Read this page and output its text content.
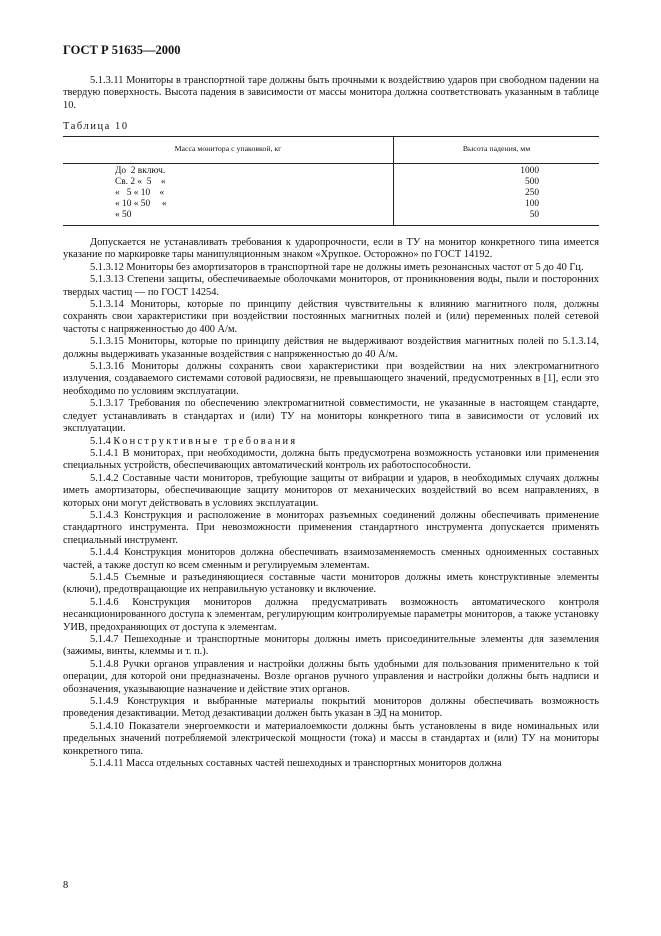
ГОСТ Р 51635—2000

5.1.3.11 Мониторы в транспортной таре должны быть прочными к воздействию ударов при свободном падении на твердую поверхность. Высота падения в зависимости от массы монитора должна соответствовать указанным в таблице 10.

Таблица 10
Масса монитора с упаковкой, кг	Высота падения, мм
До  2 включ.
Св. 2 «  5    «
«   5 « 10    «
« 10 « 50     «
« 50
1000
500
250
100
50

Допускается не устанавливать требования к ударопрочности, если в ТУ на монитор конкретного типа имеется указание по маркировке тары манипуляционным знаком «Хрупкое. Осторожно» по ГОСТ 14192.

5.1.3.12 Мониторы без амортизаторов в транспортной таре не должны иметь резонансных частот от 5 до 40 Гц.

5.1.3.13 Степени защиты, обеспечиваемые оболочками мониторов, от проникновения воды, пыли и посторонних твердых частиц — по ГОСТ 14254.

5.1.3.14 Мониторы, которые по принципу действия чувствительны к влиянию магнитного поля, должны сохранять свои характеристики при воздействии постоянных магнитных полей и (или) переменных полей сетевой частоты с напряженностью до 400 А/м.

5.1.3.15 Мониторы, которые по принципу действия не выдерживают воздействия магнитных полей по 5.1.3.14, должны выдерживать указанные воздействия с напряженностью до 40 А/м.

5.1.3.16 Мониторы должны сохранять свои характеристики при воздействии на них электромагнитного излучения, создаваемого системами сотовой радиосвязи, не превышающего значений, предусмотренных в [1], если это необходимо по условиям эксплуатации.

5.1.3.17 Требования по обеспечению электромагнитной совместимости, не указанные в настоящем стандарте, следует устанавливать в стандартах и (или) ТУ на мониторы конкретного типа в зависимости от условий их эксплуатации.

5.1.4 Конструктивные требования

5.1.4.1 В мониторах, при необходимости, должна быть предусмотрена возможность установки или применения специальных устройств, обеспечивающих автоматический контроль их работоспособности.

5.1.4.2 Составные части мониторов, требующие защиты от вибрации и ударов, в необходимых случаях должны иметь амортизаторы, обеспечивающие защиту мониторов от механических воздействий во всем направлениях, в которых они могут действовать в условиях эксплуатации.

5.1.4.3 Конструкция и расположение в мониторах разъемных соединений должны обеспечивать применение стандартного инструмента. При невозможности применения стандартного инструмента допускается применять специальный инструмент.

5.1.4.4 Конструкция мониторов должна обеспечивать взаимозаменяемость сменных одноименных составных частей, а также доступ ко всем сменным и регулируемым элементам.

5.1.4.5 Съемные и разъединяющиеся составные части мониторов должны иметь конструктивные элементы (ключи), предотвращающие их неправильную установку и включение.

5.1.4.6 Конструкция мониторов должна предусматривать возможность автоматического контроля несанкционированного доступа к элементам, регулирующим контролируемые параметры мониторов, а также установку УИВ, предохраняющих от доступа к элементам.

5.1.4.7 Пешеходные и транспортные мониторы должны иметь присоединительные элементы для заземления (зажимы, винты, клеммы и т. п.).

5.1.4.8 Ручки органов управления и настройки должны быть удобными для пользования применительно к той операции, для которой они предназначены. Возле органов ручного управления и настройки должны быть надписи и обозначения, указывающие назначение и действие этих органов.

5.1.4.9 Конструкция и выбранные материалы покрытий мониторов должны обеспечивать возможность проведения дезактивации. Метод дезактивации должен быть указан в ЭД на монитор.

5.1.4.10 Показатели энергоемкости и материалоемкости должны быть установлены в виде номинальных или предельных значений потребляемой электрической мощности (тока) и массы в стандартах и (или) ТУ на мониторы конкретного типа.

5.1.4.11 Масса отдельных составных частей пешеходных и транспортных мониторов должна

8
